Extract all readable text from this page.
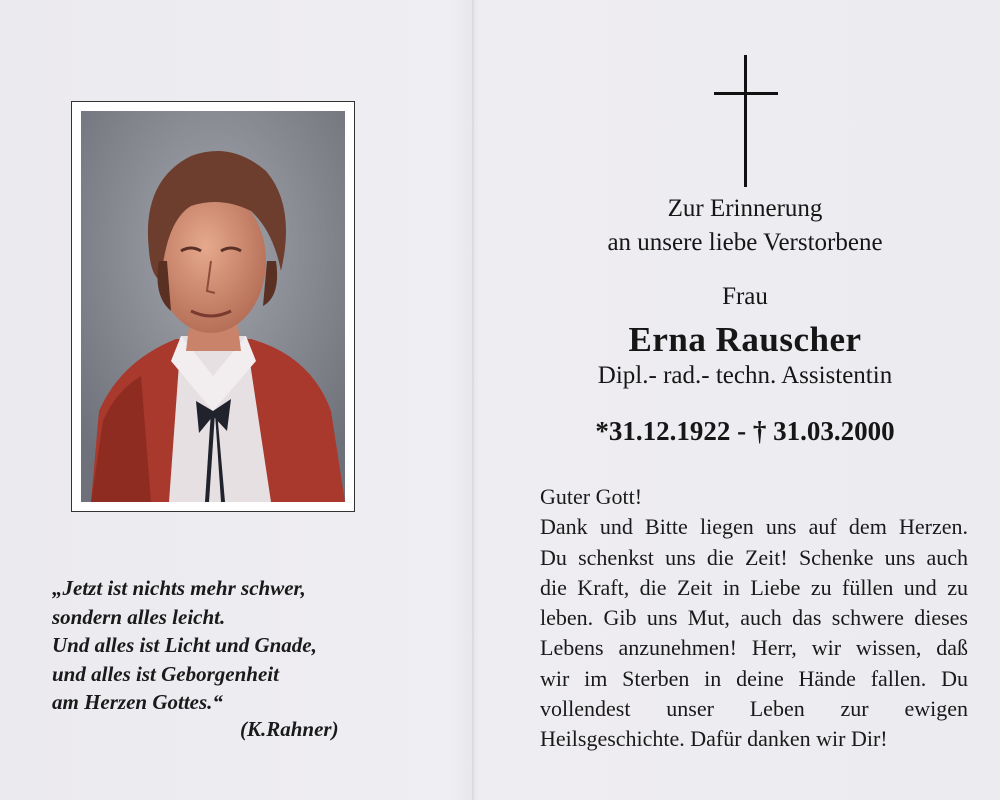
„Jetzt ist nichts mehr schwer,
sondern alles leicht.
Und alles ist Licht und Gnade,
und alles ist Geborgenheit
am Herzen Gottes.“
(K.Rahner)
Zur Erinnerung
an unsere liebe Verstorbene
Frau
Erna Rauscher
Dipl.- rad.- techn. Assistentin
*31.12.1922 - † 31.03.2000
Guter Gott!
Dank und Bitte liegen uns auf dem Herzen.
Du schenkst uns die Zeit! Schenke uns auch
die Kraft, die Zeit in Liebe zu füllen und zu
leben. Gib uns Mut, auch das schwere dieses
Lebens anzunehmen! Herr, wir wissen, daß
wir im Sterben in deine Hände fallen. Du
vollendest unser Leben zur ewigen
Heilsgeschichte. Dafür danken wir Dir!
